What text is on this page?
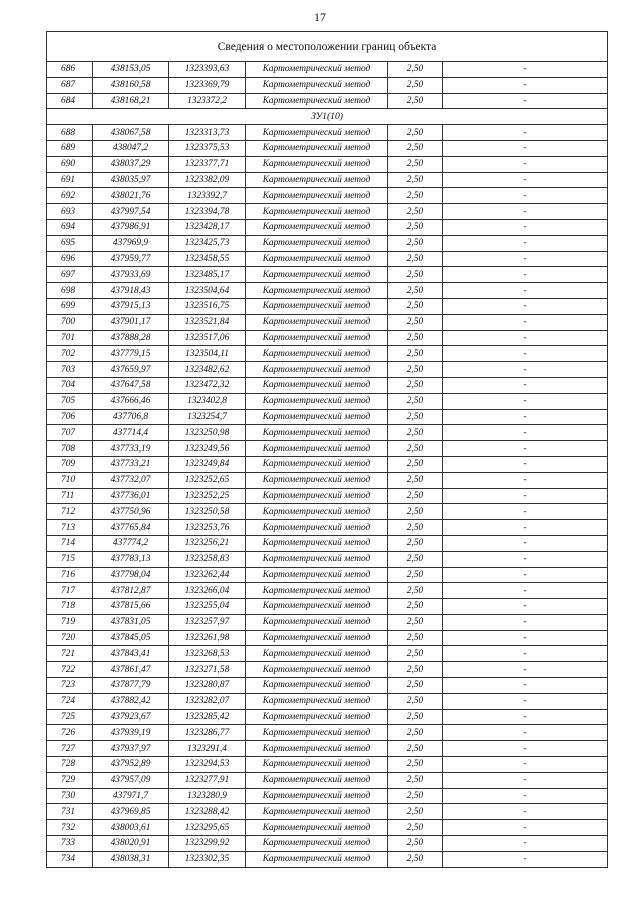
17
Сведения о местоположении границ объекта					
686	438153,05	1323393,63	Картометрический метод	2,50	-
687	438160,58	1323369,79	Картометрический метод	2,50	-
684	438168,21	1323372,2	Картометрический метод	2,50	-
ЗУ1(10)					
688	438067,58	1323313,73	Картометрический метод	2,50	-
689	438047,2	1323375,53	Картометрический метод	2,50	-
690	438037,29	1323377,71	Картометрический метод	2,50	-
691	438035,97	1323382,09	Картометрический метод	2,50	-
692	438021,76	1323392,7	Картометрический метод	2,50	-
693	437997,54	1323394,78	Картометрический метод	2,50	-
694	437986,91	1323428,17	Картометрический метод	2,50	-
695	437969,9	1323425,73	Картометрический метод	2,50	-
696	437959,77	1323458,55	Картометрический метод	2,50	-
697	437933,69	1323485,17	Картометрический метод	2,50	-
698	437918,43	1323504,64	Картометрический метод	2,50	-
699	437915,13	1323516,75	Картометрический метод	2,50	-
700	437901,17	1323521,84	Картометрический метод	2,50	-
701	437888,28	1323517,06	Картометрический метод	2,50	-
702	437779,15	1323504,11	Картометрический метод	2,50	-
703	437659,97	1323482,62	Картометрический метод	2,50	-
704	437647,58	1323472,32	Картометрический метод	2,50	-
705	437666,46	1323402,8	Картометрический метод	2,50	-
706	437706,8	1323254,7	Картометрический метод	2,50	-
707	437714,4	1323250,98	Картометрический метод	2,50	-
708	437733,19	1323249,56	Картометрический метод	2,50	-
709	437733,21	1323249,84	Картометрический метод	2,50	-
710	437732,07	1323252,65	Картометрический метод	2,50	-
711	437736,01	1323252,25	Картометрический метод	2,50	-
712	437750,96	1323250,58	Картометрический метод	2,50	-
713	437765,84	1323253,76	Картометрический метод	2,50	-
714	437774,2	1323256,21	Картометрический метод	2,50	-
715	437783,13	1323258,83	Картометрический метод	2,50	-
716	437798,04	1323262,44	Картометрический метод	2,50	-
717	437812,87	1323266,04	Картометрический метод	2,50	-
718	437815,66	1323255,04	Картометрический метод	2,50	-
719	437831,05	1323257,97	Картометрический метод	2,50	-
720	437845,05	1323261,98	Картометрический метод	2,50	-
721	437843,41	1323268,53	Картометрический метод	2,50	-
722	437861,47	1323271,58	Картометрический метод	2,50	-
723	437877,79	1323280,87	Картометрический метод	2,50	-
724	437882,42	1323282,07	Картометрический метод	2,50	-
725	437923,67	1323285,42	Картометрический метод	2,50	-
726	437939,19	1323286,77	Картометрический метод	2,50	-
727	437937,97	1323291,4	Картометрический метод	2,50	-
728	437952,89	1323294,53	Картометрический метод	2,50	-
729	437957,09	1323277,91	Картометрический метод	2,50	-
730	437971,7	1323280,9	Картометрический метод	2,50	-
731	437969,85	1323288,42	Картометрический метод	2,50	-
732	438003,61	1323295,65	Картометрический метод	2,50	-
733	438020,91	1323299,92	Картометрический метод	2,50	-
734	438038,31	1323302,35	Картометрический метод	2,50	-
